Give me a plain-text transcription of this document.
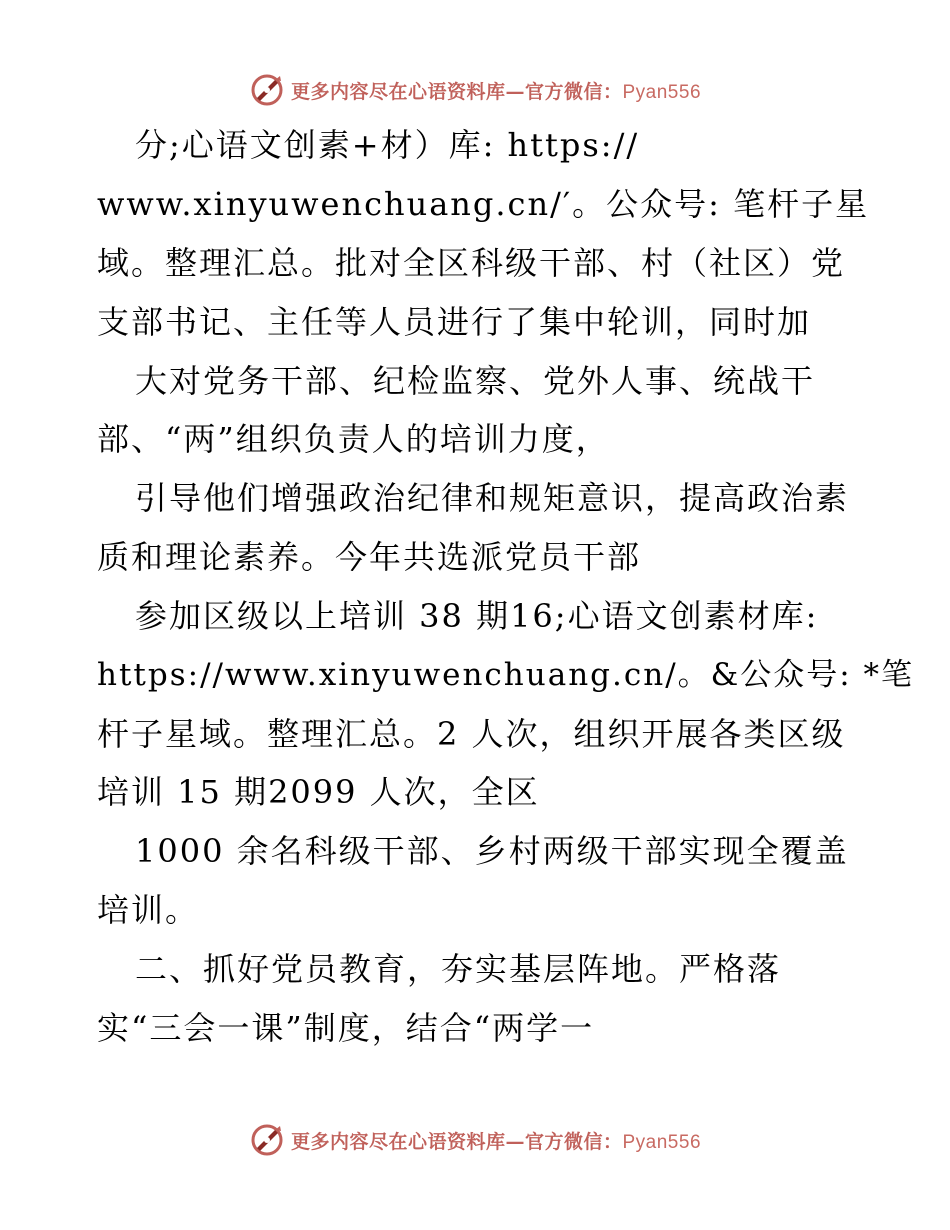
更多内容尽在心语资料库—官方微信：Pyan556
分;心语文创素+材）库: https://
www.xinyuwenchuang.cn/′。公众号: 笔杆子星
域。整理汇总。批对全区科级干部、村（社区）党
支部书记、主任等人员进行了集中轮训，同时加
大对党务干部、纪检监察、党外人事、统战干
部、“两”组织负责人的培训力度，
引导他们增强政治纪律和规矩意识，提高政治素
质和理论素养。今年共选派党员干部
参加区级以上培训 38 期16;心语文创素材库:
https://www.xinyuwenchuang.cn/。&公众号: *笔
杆子星域。整理汇总。2 人次，组织开展各类区级
培训 15 期2099 人次，全区
1000 余名科级干部、乡村两级干部实现全覆盖
培训。
二、抓好党员教育，夯实基层阵地。严格落
实“三会一课”制度，结合“两学一
更多内容尽在心语资料库—官方微信：Pyan556
